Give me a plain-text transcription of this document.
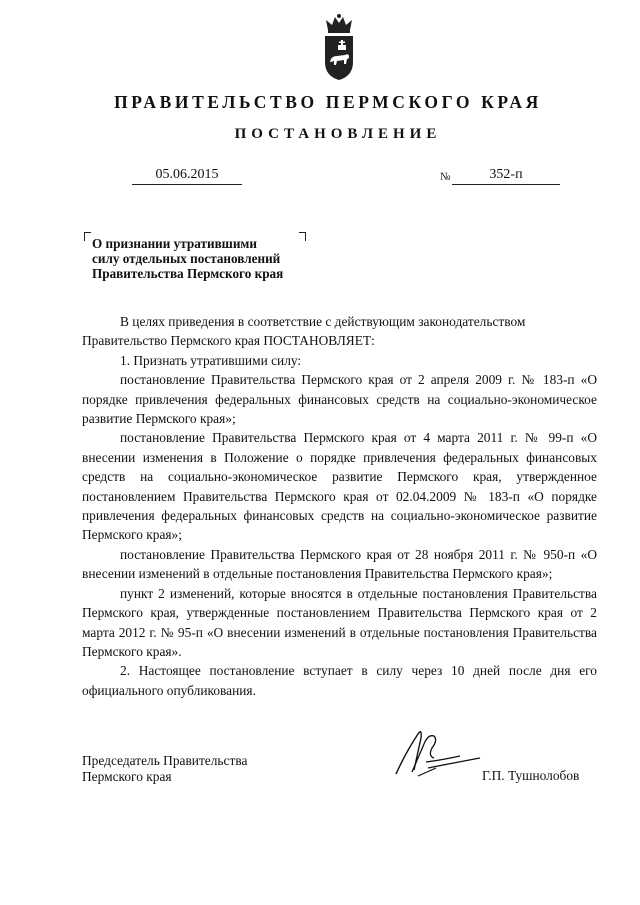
ПРАВИТЕЛЬСТВО ПЕРМСКОГО КРАЯ
ПОСТАНОВЛЕНИЕ
05.06.2015	№	352-п
О признании утратившими
силу отдельных постановлений
Правительства Пермского края

В целях приведения в соответствие с действующим законодательством

Правительство Пермского края ПОСТАНОВЛЯЕТ:

1. Признать утратившими силу:

постановление Правительства Пермского края от 2 апреля 2009 г. № 183-п «О порядке привлечения федеральных финансовых средств на социально-экономическое развитие Пермского края»;

постановление Правительства Пермского края от 4 марта 2011 г. № 99-п «О внесении изменения в Положение о порядке привлечения федеральных финансовых средств на социально-экономическое развитие Пермского края, утвержденное постановлением Правительства Пермского края от 02.04.2009 № 183-п «О порядке привлечения федеральных финансовых средств на социально-экономическое развитие Пермского края»;

постановление Правительства Пермского края от 28 ноября 2011 г. № 950-п «О внесении изменений в отдельные постановления Правительства Пермского края»;

пункт 2 изменений, которые вносятся в отдельные постановления Правительства Пермского края, утвержденные постановлением Правительства Пермского края от 2 марта 2012 г. № 95-п «О внесении изменений в отдельные постановления Правительства Пермского края».

2. Настоящее постановление вступает в силу через 10 дней после дня его официального опубликования.

Председатель Правительства
Пермского края	Г.П. Тушнолобов
